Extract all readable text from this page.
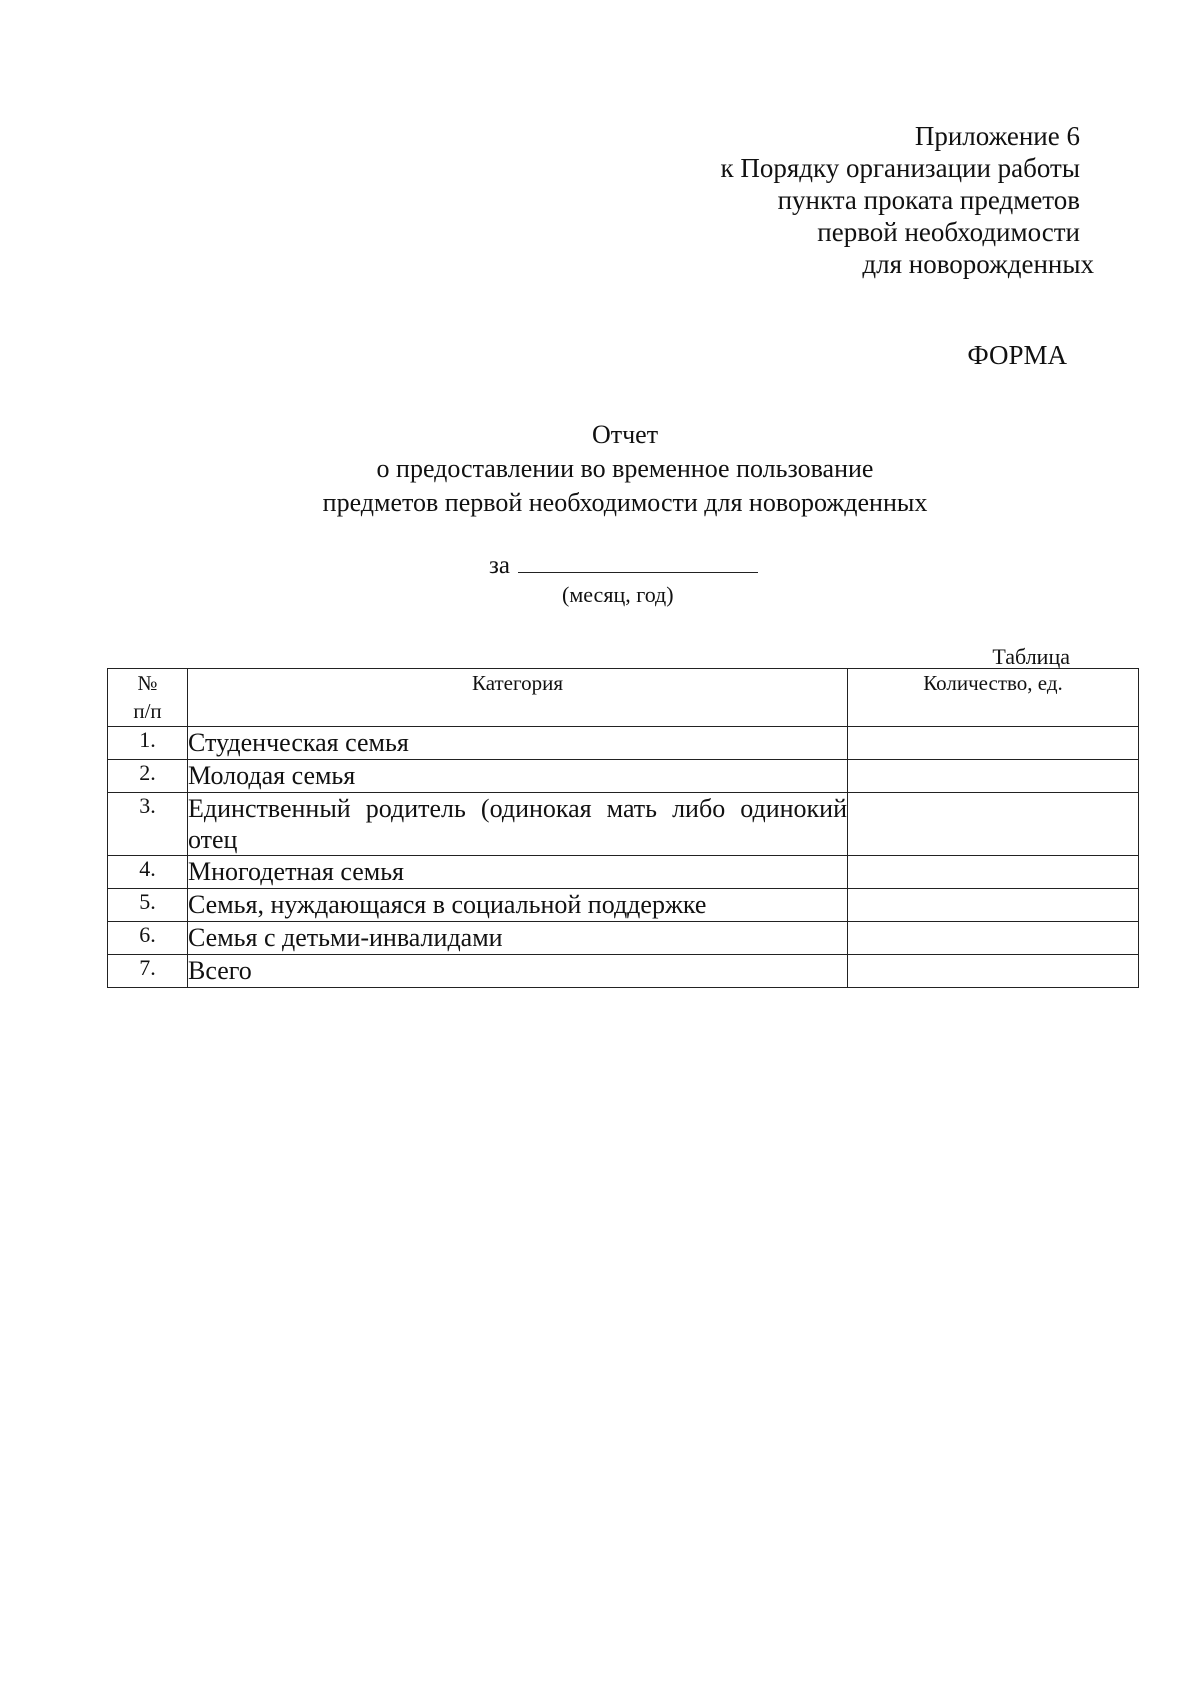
Приложение 6
к Порядку организации работы
пункта проката предметов
первой необходимости
для новорожденных
ФОРМА
Отчет
о предоставлении во временное пользование
предметов первой необходимости для новорожденных
за
(месяц, год)
Таблица
№
п/п	Категория	Количество, ед.
1.	Студенческая семья	
2.	Молодая семья	
3.	Единственный родитель (одинокая мать либо одинокий отец	
4.	Многодетная семья	
5.	Семья, нуждающаяся в социальной поддержке	
6.	Семья с детьми-инвалидами	
7.	Всего	
